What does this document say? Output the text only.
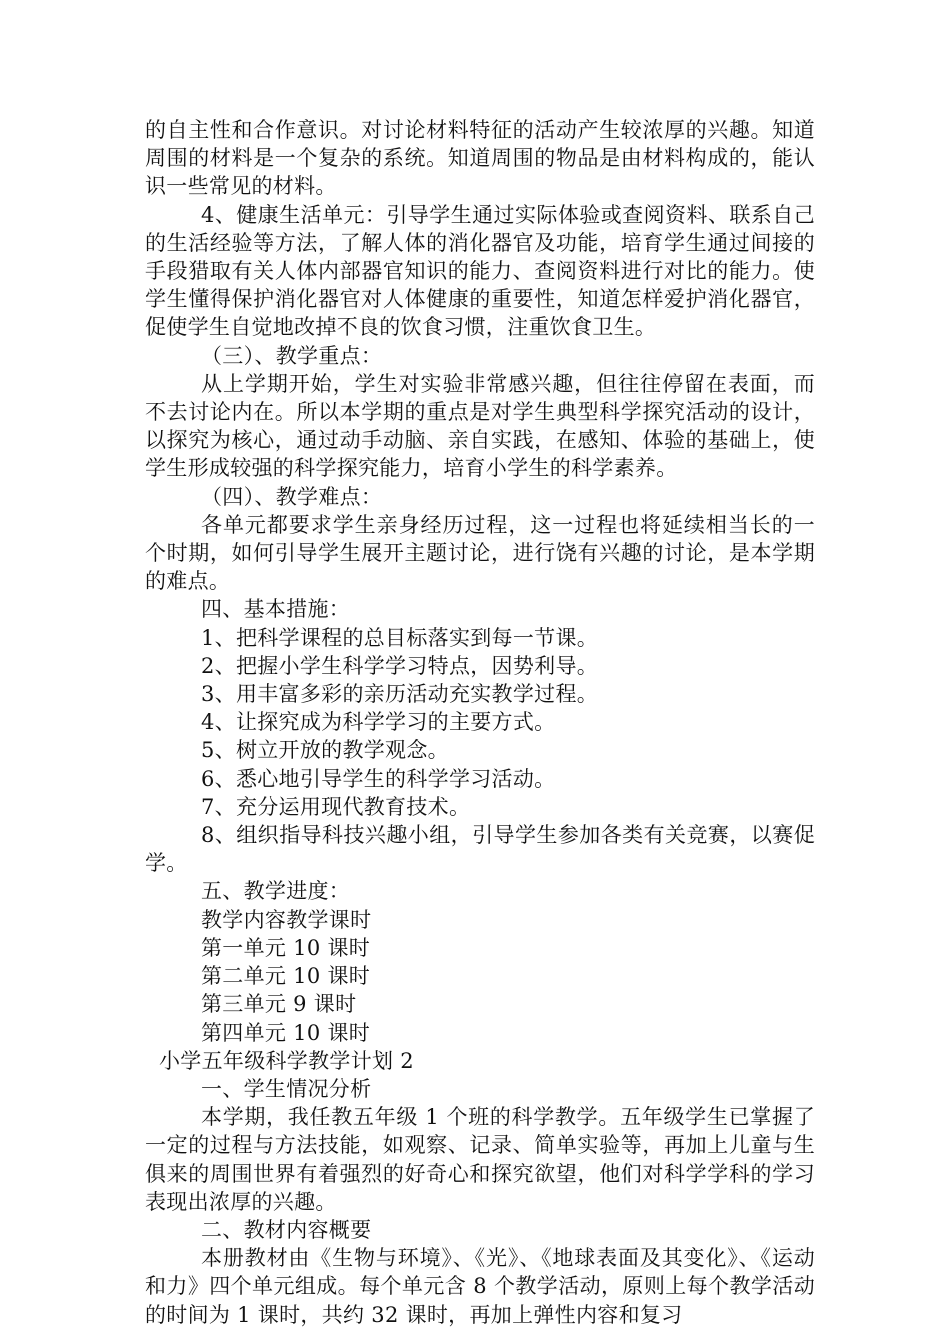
的自主性和合作意识。对讨论材料特征的活动产生较浓厚的兴趣。知道周围的材料是一个复杂的系统。知道周围的物品是由材料构成的，能认识一些常见的材料。

4、健康生活单元：引导学生通过实际体验或查阅资料、联系自己的生活经验等方法，了解人体的消化器官及功能，培育学生通过间接的手段猎取有关人体内部器官知识的能力、查阅资料进行对比的能力。使学生懂得保护消化器官对人体健康的重要性，知道怎样爱护消化器官，促使学生自觉地改掉不良的饮食习惯，注重饮食卫生。

（三）、教学重点：

从上学期开始，学生对实验非常感兴趣，但往往停留在表面，而不去讨论内在。所以本学期的重点是对学生典型科学探究活动的设计，以探究为核心，通过动手动脑、亲自实践，在感知、体验的基础上，使学生形成较强的科学探究能力，培育小学生的科学素养。

（四）、教学难点：

各单元都要求学生亲身经历过程，这一过程也将延续相当长的一个时期，如何引导学生展开主题讨论，进行饶有兴趣的讨论，是本学期的难点。

四、基本措施：

1、把科学课程的总目标落实到每一节课。

2、把握小学生科学学习特点，因势利导。

3、用丰富多彩的亲历活动充实教学过程。

4、让探究成为科学学习的主要方式。

5、树立开放的教学观念。

6、悉心地引导学生的科学学习活动。

7、充分运用现代教育技术。

8、组织指导科技兴趣小组，引导学生参加各类有关竞赛，以赛促学。

五、教学进度：

教学内容教学课时

第一单元 10 课时

第二单元 10 课时

第三单元 9 课时

第四单元 10 课时

小学五年级科学教学计划 2

一、学生情况分析

本学期，我任教五年级 1 个班的科学教学。五年级学生已掌握了一定的过程与方法技能，如观察、记录、简单实验等，再加上儿童与生俱来的周围世界有着强烈的好奇心和探究欲望，他们对科学学科的学习表现出浓厚的兴趣。

二、教材内容概要

本册教材由《生物与环境》、《光》、《地球表面及其变化》、《运动和力》四个单元组成。每个单元含 8 个教学活动，原则上每个教学活动的时间为 1 课时，共约 32 课时，再加上弹性内容和复习
